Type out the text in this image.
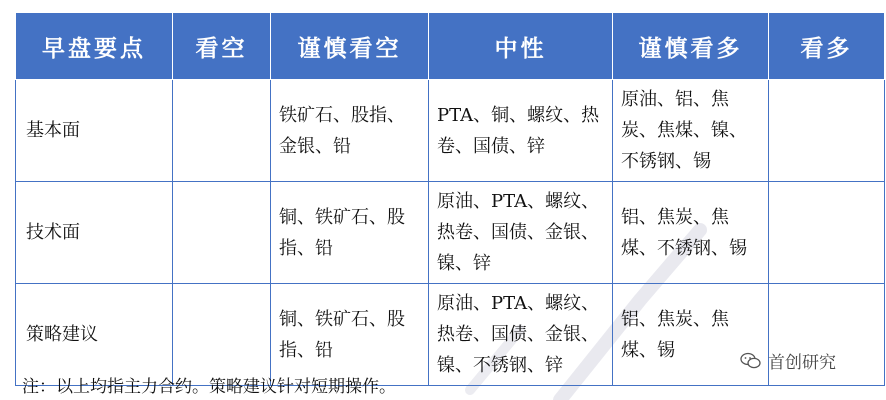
早盘要点	看空	谨慎看空	中性	谨慎看多	看多
基本面		铁矿石、股指、金银、铅	PTA、铜、螺纹、热卷、国债、锌	原油、铝、焦炭、焦煤、镍、不锈钢、锡	
技术面		铜、铁矿石、股指、铅	原油、PTA、螺纹、热卷、国债、金银、镍、锌	铝、焦炭、焦煤、不锈钢、锡	
策略建议		铜、铁矿石、股指、铅	原油、PTA、螺纹、热卷、国债、金银、镍、不锈钢、锌	铝、焦炭、焦煤、锡	
首创研究
注：以上均指主力合约。策略建议针对短期操作。
